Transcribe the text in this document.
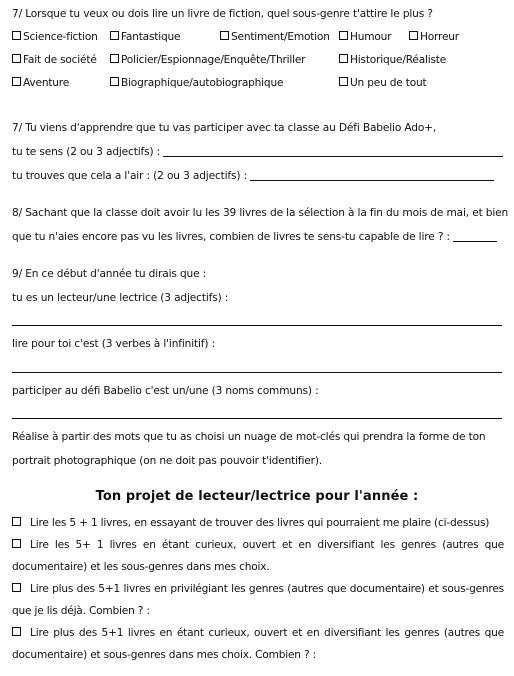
7/ Lorsque tu veux ou dois lire un livre de fiction, quel sous-genre t'attire le plus ?
Science-fiction	Fantastique	Sentiment/Emotion	Humour	Horreur
Fait de société	Policier/Espionnage/Enquête/Thriller	Historique/Réaliste
Aventure	Biographique/autobiographique	Un peu de tout
7/ Tu viens d'apprendre que tu vas participer avec ta classe au Défi Babelio Ado+,
tu te sens (2 ou 3 adjectifs) :
tu trouves que cela a l'air : (2 ou 3 adjectifs) :
8/ Sachant que la classe doit avoir lu les 39 livres de la sélection à la fin du mois de mai, et bien
que tu n'aies encore pas vu les livres, combien de livres te sens-tu capable de lire ? :
9/ En ce début d'année tu dirais que :
tu es un lecteur/une lectrice (3 adjectifs) :
lire pour toi c'est (3 verbes à l'infinitif) :
participer au défi Babelio c'est un/une (3 noms communs) :
Réalise à partir des mots que tu as choisi un nuage de mot-clés qui prendra la forme de ton
portrait photographique (on ne doit pas pouvoir t'identifier).
Ton projet de lecteur/lectrice pour l'année :
Lire les 5 + 1 livres, en essayant de trouver des livres qui pourraient me plaire (ci-dessus)
Lire les 5+ 1 livres en étant curieux, ouvert et en diversifiant les genres (autres que documentaire) et les sous-genres dans mes choix.
Lire plus des 5+1 livres en privilégiant les genres (autres que documentaire) et sous-genres que je lis déjà. Combien ? :
Lire plus des 5+1 livres en étant curieux, ouvert et en diversifiant les genres (autres que documentaire) et sous-genres dans mes choix. Combien ? :
